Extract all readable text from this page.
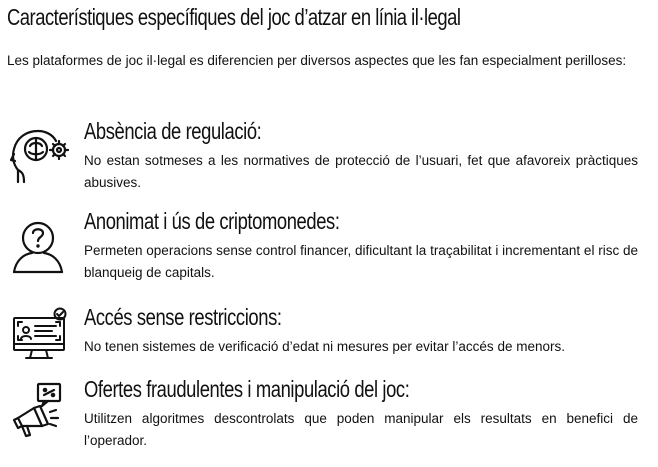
Característiques específiques del joc d’atzar en línia il·legal
Les plataformes de joc il·legal es diferencien per diversos aspectes que les fan especialment perilloses:
Absència de regulació:
No estan sotmeses a les normatives de protecció de l’usuari, fet que afavoreix pràctiques abusives.
Anonimat i ús de criptomonedes:
Permeten operacions sense control financer, dificultant la traçabilitat i incrementant el risc de blanqueig de capitals.
Accés sense restriccions:
No tenen sistemes de verificació d’edat ni mesures per evitar l’accés de menors.
Ofertes fraudulentes i manipulació del joc:
Utilitzen algoritmes descontrolats que poden manipular els resultats en benefici de l’operador.
